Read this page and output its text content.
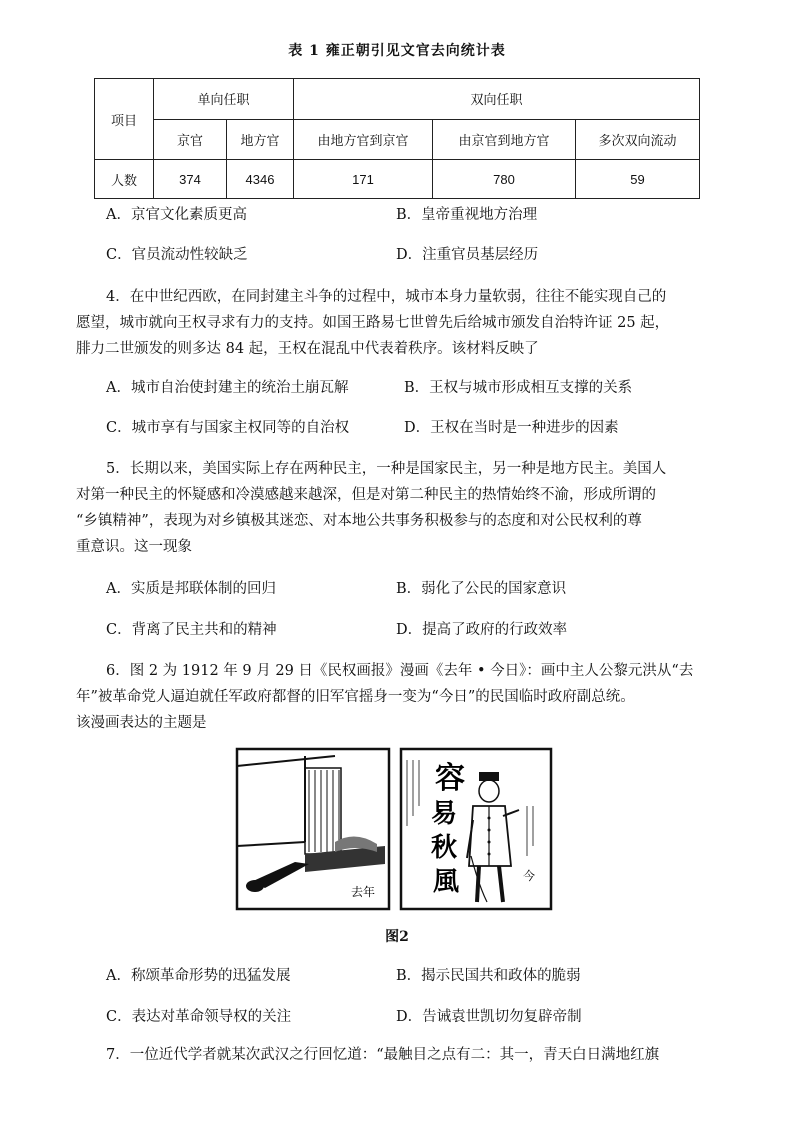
表 1 雍正朝引见文官去向统计表
项目	单向任职		双向任职		
	京官	地方官	由地方官到京官	由京官到地方官	多次双向流动
人数	374	4346	171	780	59
A．京官文化素质更高	B．皇帝重视地方治理
C．官员流动性较缺乏	D．注重官员基层经历
4．在中世纪西欧，在同封建主斗争的过程中，城市本身力量软弱，往往不能实现自己的
愿望，城市就向王权寻求有力的支持。如国王路易七世曾先后给城市颁发自治特许证 25 起，
腓力二世颁发的则多达 84 起，王权在混乱中代表着秩序。该材料反映了
A．城市自治使封建主的统治土崩瓦解	B．王权与城市形成相互支撑的关系
C．城市享有与国家主权同等的自治权	D．王权在当时是一种进步的因素
5．长期以来，美国实际上存在两种民主，一种是国家民主，另一种是地方民主。美国人
对第一种民主的怀疑感和冷漠感越来越深，但是对第二种民主的热情始终不渝，形成所谓的
“乡镇精神”，表现为对乡镇极其迷恋、对本地公共事务积极参与的态度和对公民权利的尊
重意识。这一现象
A．实质是邦联体制的回归	B．弱化了公民的国家意识
C．背离了民主共和的精神	D．提高了政府的行政效率
6．图 2 为 1912 年 9 月 29 日《民权画报》漫画《去年 • 今日》：画中主人公黎元洪从“去
年”被革命党人逼迫就任军政府都督的旧军官摇身一变为“今日”的民国临时政府副总统。
该漫画表达的主题是
去年
容
易
秋
風	今
图2
A．称颂革命形势的迅猛发展	B．揭示民国共和政体的脆弱
C．表达对革命领导权的关注	D．告诫袁世凯切勿复辟帝制
7．一位近代学者就某次武汉之行回忆道：“最触目之点有二：其一，青天白日满地红旗
